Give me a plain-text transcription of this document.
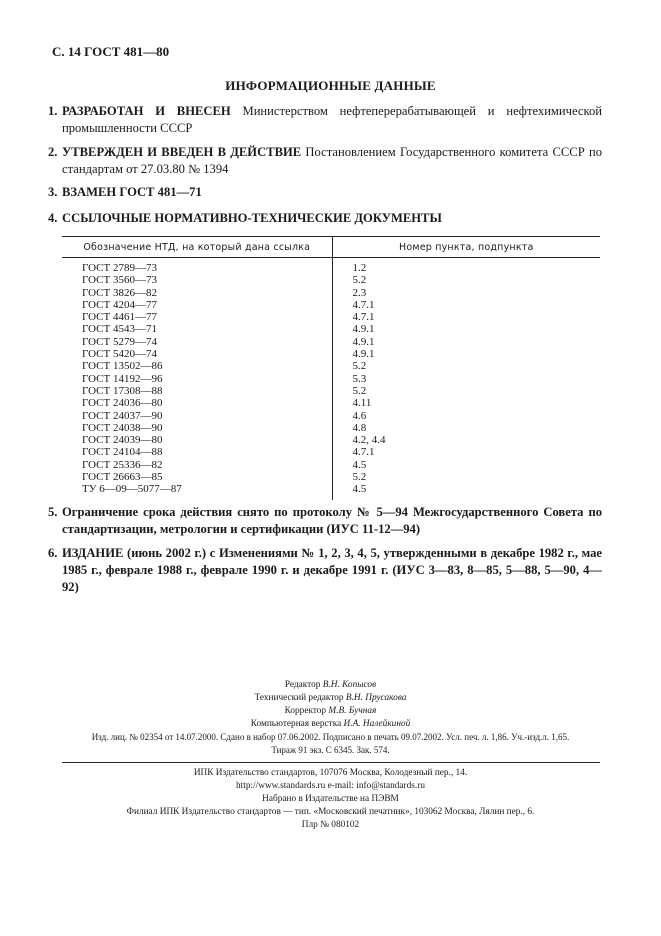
С. 14 ГОСТ 481—80
ИНФОРМАЦИОННЫЕ ДАННЫЕ
1. РАЗРАБОТАН И ВНЕСЕН Министерством нефтеперерабатывающей и нефтехимической промышленности СССР
2. УТВЕРЖДЕН И ВВЕДЕН В ДЕЙСТВИЕ Постановлением Государственного комитета СССР по стандартам от 27.03.80 № 1394
3. ВЗАМЕН ГОСТ 481—71
4. ССЫЛОЧНЫЕ НОРМАТИВНО-ТЕХНИЧЕСКИЕ ДОКУМЕНТЫ
Обозначение НТД, на который дана ссылка	Номер пункта, подпункта
ГОСТ 2789—73
ГОСТ 3560—73
ГОСТ 3826—82
ГОСТ 4204—77
ГОСТ 4461—77
ГОСТ 4543—71
ГОСТ 5279—74
ГОСТ 5420—74
ГОСТ 13502—86
ГОСТ 14192—96
ГОСТ 17308—88
ГОСТ 24036—80
ГОСТ 24037—90
ГОСТ 24038—90
ГОСТ 24039—80
ГОСТ 24104—88
ГОСТ 25336—82
ГОСТ 26663—85
ТУ 6—09—5077—87
1.2
5.2
2.3
4.7.1
4.7.1
4.9.1
4.9.1
4.9.1
5.2
5.3
5.2
4.11
4.6
4.8
4.2, 4.4
4.7.1
4.5
5.2
4.5
5. Ограничение срока действия снято по протоколу № 5—94 Межгосударственного Совета по стандартизации, метрологии и сертификации (ИУС 11-12—94)
6. ИЗДАНИЕ (июнь 2002 г.) с Изменениями № 1, 2, 3, 4, 5, утвержденными в декабре 1982 г., мае 1985 г., феврале 1988 г., феврале 1990 г. и декабре 1991 г. (ИУС 3—83, 8—85, 5—88, 5—90, 4—92)
Редактор В.Н. Копысов
Технический редактор В.Н. Прусакова
Корректор М.В. Бучная
Компьютерная верстка И.А. Налейкиной
Изд. лиц. № 02354 от 14.07.2000. Сдано в набор 07.06.2002. Подписано в печать 09.07.2002. Усл. печ. л. 1,86. Уч.-изд.л. 1,65.
Тираж 91 экз. С 6345. Зак. 574.
ИПК Издательство стандартов, 107076 Москва, Колодезный пер., 14.
http://www.standards.ru e-mail: info@standards.ru
Набрано в Издательстве на ПЭВМ
Филиал ИПК Издательство стандартов — тип. «Московский печатник», 103062 Москва, Лялин пер., 6.
Плр № 080102
